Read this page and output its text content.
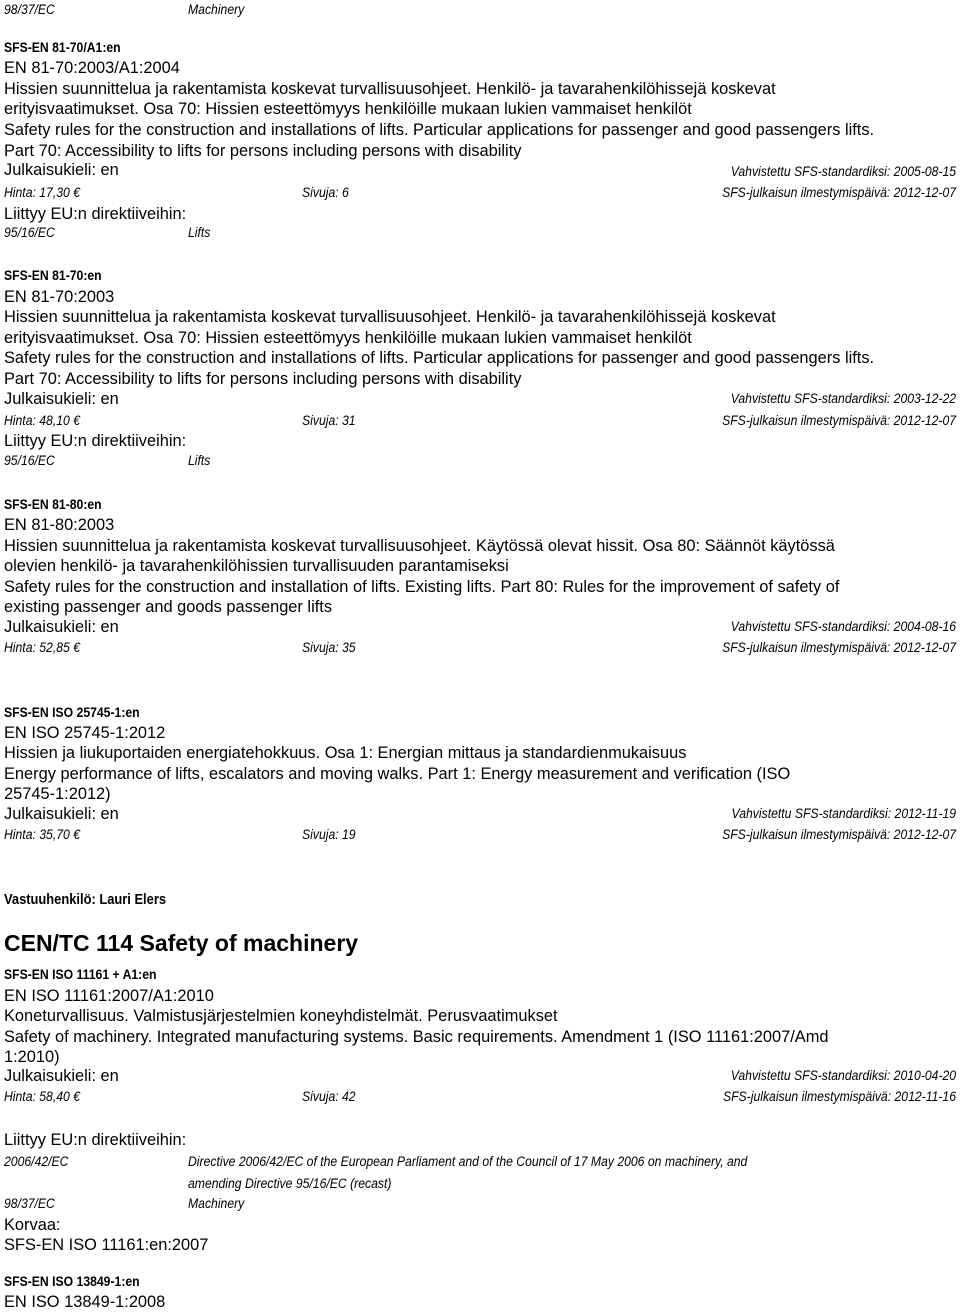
98/37/EC	Machinery
SFS-EN 81-70/A1:en
EN 81-70:2003/A1:2004
Hissien suunnittelua ja rakentamista koskevat turvallisuusohjeet. Henkilö- ja tavarahenkilöhissejä koskevat
erityisvaatimukset. Osa 70: Hissien esteettömyys henkilöille mukaan lukien vammaiset henkilöt
Safety rules for the construction and installations of lifts. Particular applications for passenger and good passengers lifts.
Part 70: Accessibility to lifts for persons including persons with disability
Julkaisukieli: en	Vahvistettu SFS-standardiksi: 2005-08-15
Hinta: 17,30 €	Sivuja: 6	SFS-julkaisun ilmestymispäivä: 2012-12-07
Liittyy EU:n direktiiveihin:
95/16/EC	Lifts
SFS-EN 81-70:en
EN 81-70:2003
Hissien suunnittelua ja rakentamista koskevat turvallisuusohjeet. Henkilö- ja tavarahenkilöhissejä koskevat
erityisvaatimukset. Osa 70: Hissien esteettömyys henkilöille mukaan lukien vammaiset henkilöt
Safety rules for the construction and installations of lifts. Particular applications for passenger and good passengers lifts.
Part 70: Accessibility to lifts for persons including persons with disability
Julkaisukieli: en	Vahvistettu SFS-standardiksi: 2003-12-22
Hinta: 48,10 €	Sivuja: 31	SFS-julkaisun ilmestymispäivä: 2012-12-07
Liittyy EU:n direktiiveihin:
95/16/EC	Lifts
SFS-EN 81-80:en
EN 81-80:2003
Hissien suunnittelua ja rakentamista koskevat turvallisuusohjeet. Käytössä olevat hissit. Osa 80: Säännöt käytössä
olevien henkilö- ja tavarahenkilöhissien turvallisuuden parantamiseksi
Safety rules for the construction and installation of lifts. Existing lifts. Part 80: Rules for the improvement of safety of
existing passenger and goods passenger lifts
Julkaisukieli: en	Vahvistettu SFS-standardiksi: 2004-08-16
Hinta: 52,85 €	Sivuja: 35	SFS-julkaisun ilmestymispäivä: 2012-12-07
SFS-EN ISO 25745-1:en
EN ISO 25745-1:2012
Hissien ja liukuportaiden energiatehokkuus. Osa 1: Energian mittaus ja standardienmukaisuus
Energy performance of lifts, escalators and moving walks. Part 1: Energy measurement and verification (ISO
25745-1:2012)
Julkaisukieli: en	Vahvistettu SFS-standardiksi: 2012-11-19
Hinta: 35,70 €	Sivuja: 19	SFS-julkaisun ilmestymispäivä: 2012-12-07
Vastuuhenkilö: Lauri Elers
CEN/TC 114 Safety of machinery
SFS-EN ISO 11161 + A1:en
EN ISO 11161:2007/A1:2010
Koneturvallisuus. Valmistusjärjestelmien koneyhdistelmät. Perusvaatimukset
Safety of machinery. Integrated manufacturing systems. Basic requirements. Amendment 1 (ISO 11161:2007/Amd
1:2010)
Julkaisukieli: en	Vahvistettu SFS-standardiksi: 2010-04-20
Hinta: 58,40 €	Sivuja: 42	SFS-julkaisun ilmestymispäivä: 2012-11-16
Liittyy EU:n direktiiveihin:
2006/42/EC	Directive 2006/42/EC of the European Parliament and of the Council of 17 May 2006 on machinery, and
amending Directive 95/16/EC (recast)
98/37/EC	Machinery
Korvaa:
SFS-EN ISO 11161:en:2007
SFS-EN ISO 13849-1:en
EN ISO 13849-1:2008
